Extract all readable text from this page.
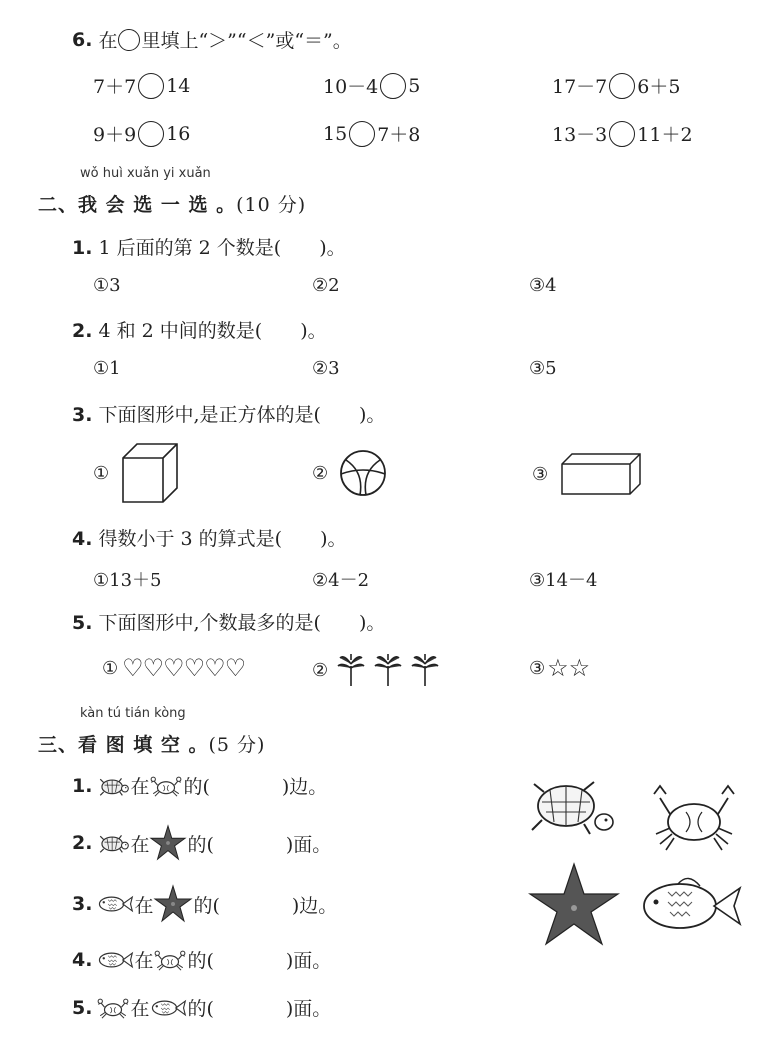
6. 在 里填上“＞”“＜”或“＝”。
7＋7 14	10－4 5	17－7 6＋5
9＋9 16	15 7＋8	13－3 11＋2
wǒ huì xuǎn yi xuǎn
二、我 会 选 一 选 。(10 分)
1. 1 后面的第 2 个数是(　　)。
①3	②2	③4
2. 4 和 2 中间的数是(　　)。
①1	②3	③5
3. 下面图形中,是正方体的是(　　)。
①	②	③
4. 得数小于 3 的算式是(　　)。
①13＋5	②4－2	③14－4
5. 下面图形中,个数最多的是(　　)。
① ♡♡♡♡♡♡	②	③ ☆☆
kàn tú tián kòng
三、看 图 填 空 。(5 分)
1. 在 的(	)边。
2. 在 的(	)面。
3. 在 的(	)边。
4. 在 的(	)面。
5. 在 的(	)面。
